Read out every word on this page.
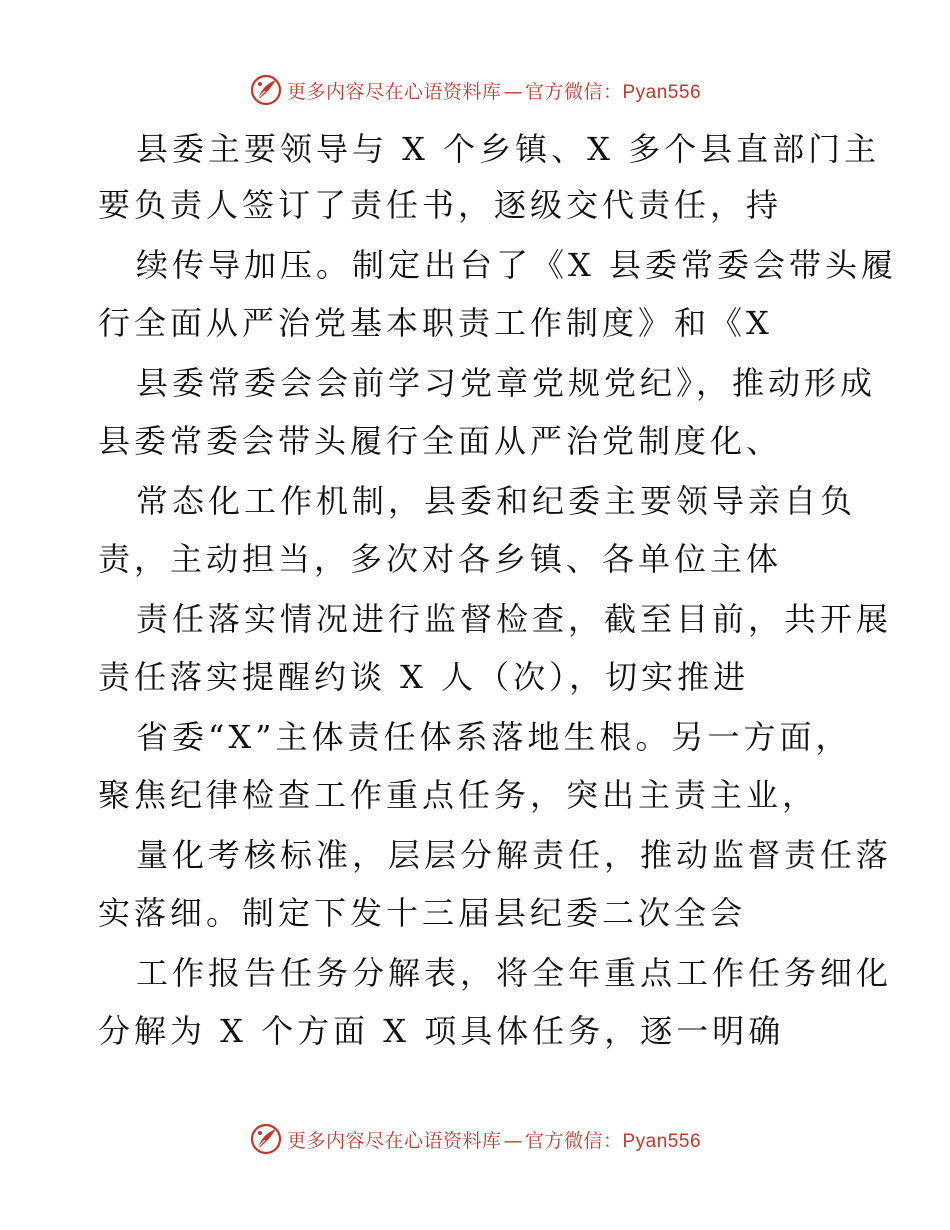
更多内容尽在心语资料库 — 官方微信：Pyan556
县委主要领导与 X 个乡镇、X 多个县直部门主
要负责人签订了责任书，逐级交代责任，持
续传导加压。制定出台了《X 县委常委会带头履
行全面从严治党基本职责工作制度》和《X
县委常委会会前学习党章党规党纪》，推动形成
县委常委会带头履行全面从严治党制度化、
常态化工作机制，县委和纪委主要领导亲自负
责，主动担当，多次对各乡镇、各单位主体
责任落实情况进行监督检查，截至目前，共开展
责任落实提醒约谈 X 人（次），切实推进
省委“X”主体责任体系落地生根。另一方面，
聚焦纪律检查工作重点任务，突出主责主业，
量化考核标准，层层分解责任，推动监督责任落
实落细。制定下发十三届县纪委二次全会
工作报告任务分解表，将全年重点工作任务细化
分解为 X 个方面 X 项具体任务，逐一明确
更多内容尽在心语资料库 — 官方微信：Pyan556
